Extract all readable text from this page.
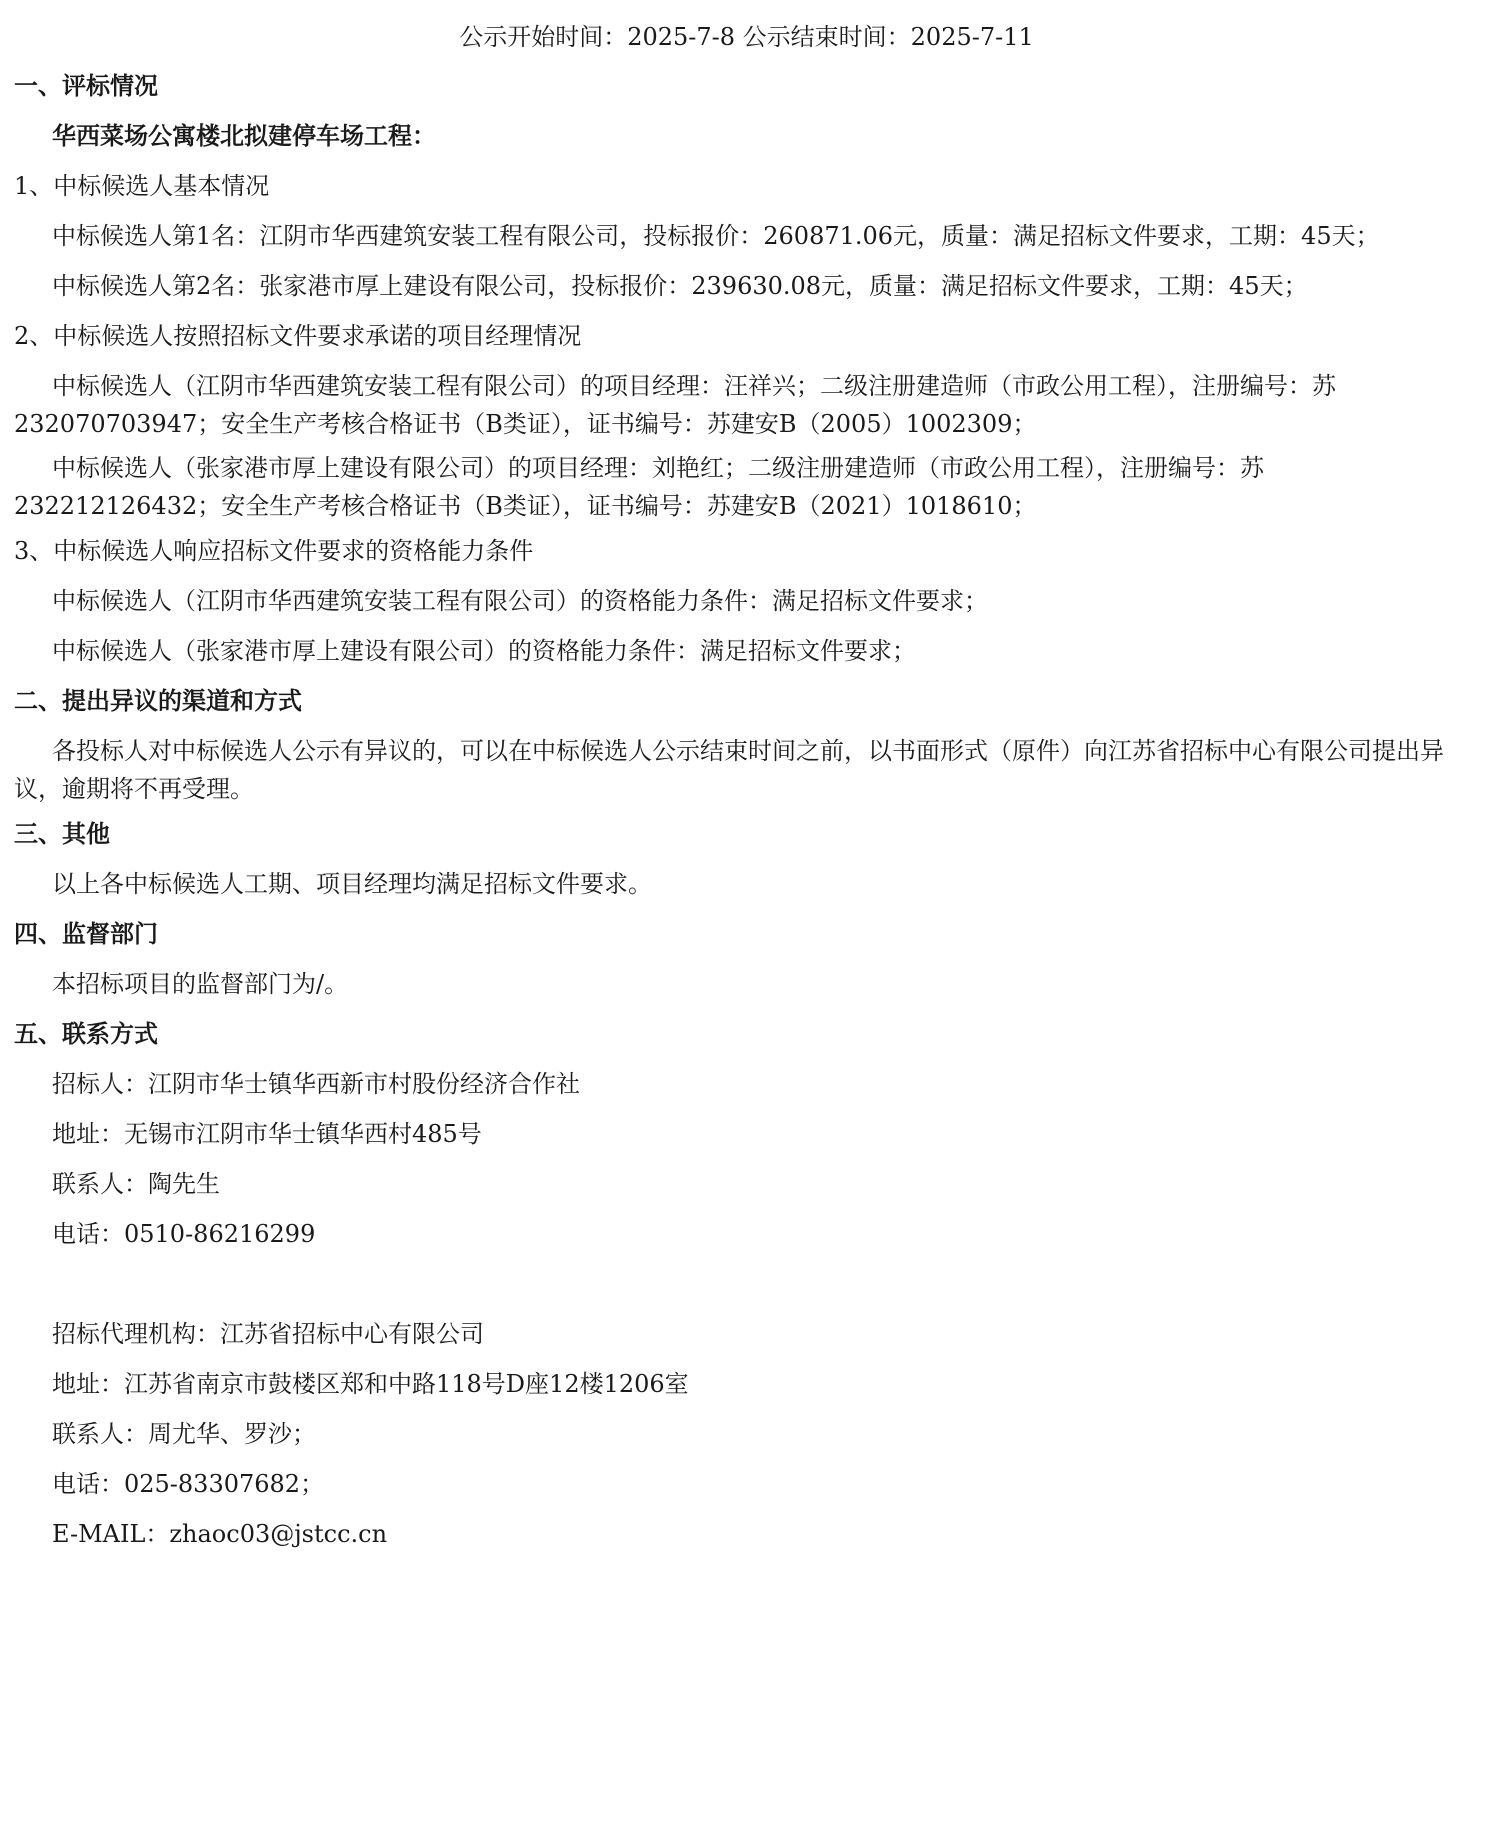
公示开始时间：2025-7-8 公示结束时间：2025-7-11
一、评标情况
华西菜场公寓楼北拟建停车场工程：
1、中标候选人基本情况
中标候选人第1名：江阴市华西建筑安装工程有限公司，投标报价：260871.06元，质量：满足招标文件要求，工期：45天；
中标候选人第2名：张家港市厚上建设有限公司，投标报价：239630.08元，质量：满足招标文件要求，工期：45天；
2、中标候选人按照招标文件要求承诺的项目经理情况
中标候选人（江阴市华西建筑安装工程有限公司）的项目经理：汪祥兴；二级注册建造师（市政公用工程），注册编号：苏232070703947；安全生产考核合格证书（B类证），证书编号：苏建安B（2005）1002309；
中标候选人（张家港市厚上建设有限公司）的项目经理：刘艳红；二级注册建造师（市政公用工程），注册编号：苏232212126432；安全生产考核合格证书（B类证），证书编号：苏建安B（2021）1018610；
3、中标候选人响应招标文件要求的资格能力条件
中标候选人（江阴市华西建筑安装工程有限公司）的资格能力条件：满足招标文件要求；
中标候选人（张家港市厚上建设有限公司）的资格能力条件：满足招标文件要求；
二、提出异议的渠道和方式
各投标人对中标候选人公示有异议的，可以在中标候选人公示结束时间之前，以书面形式（原件）向江苏省招标中心有限公司提出异议，逾期将不再受理。
三、其他
以上各中标候选人工期、项目经理均满足招标文件要求。
四、监督部门
本招标项目的监督部门为/。
五、联系方式
招标人：江阴市华士镇华西新市村股份经济合作社
地址：无锡市江阴市华士镇华西村485号
联系人：陶先生
电话：0510-86216299
招标代理机构：江苏省招标中心有限公司
地址：江苏省南京市鼓楼区郑和中路118号D座12楼1206室
联系人：周尤华、罗沙；
电话：025-83307682；
E-MAIL：zhaoc03@jstcc.cn
